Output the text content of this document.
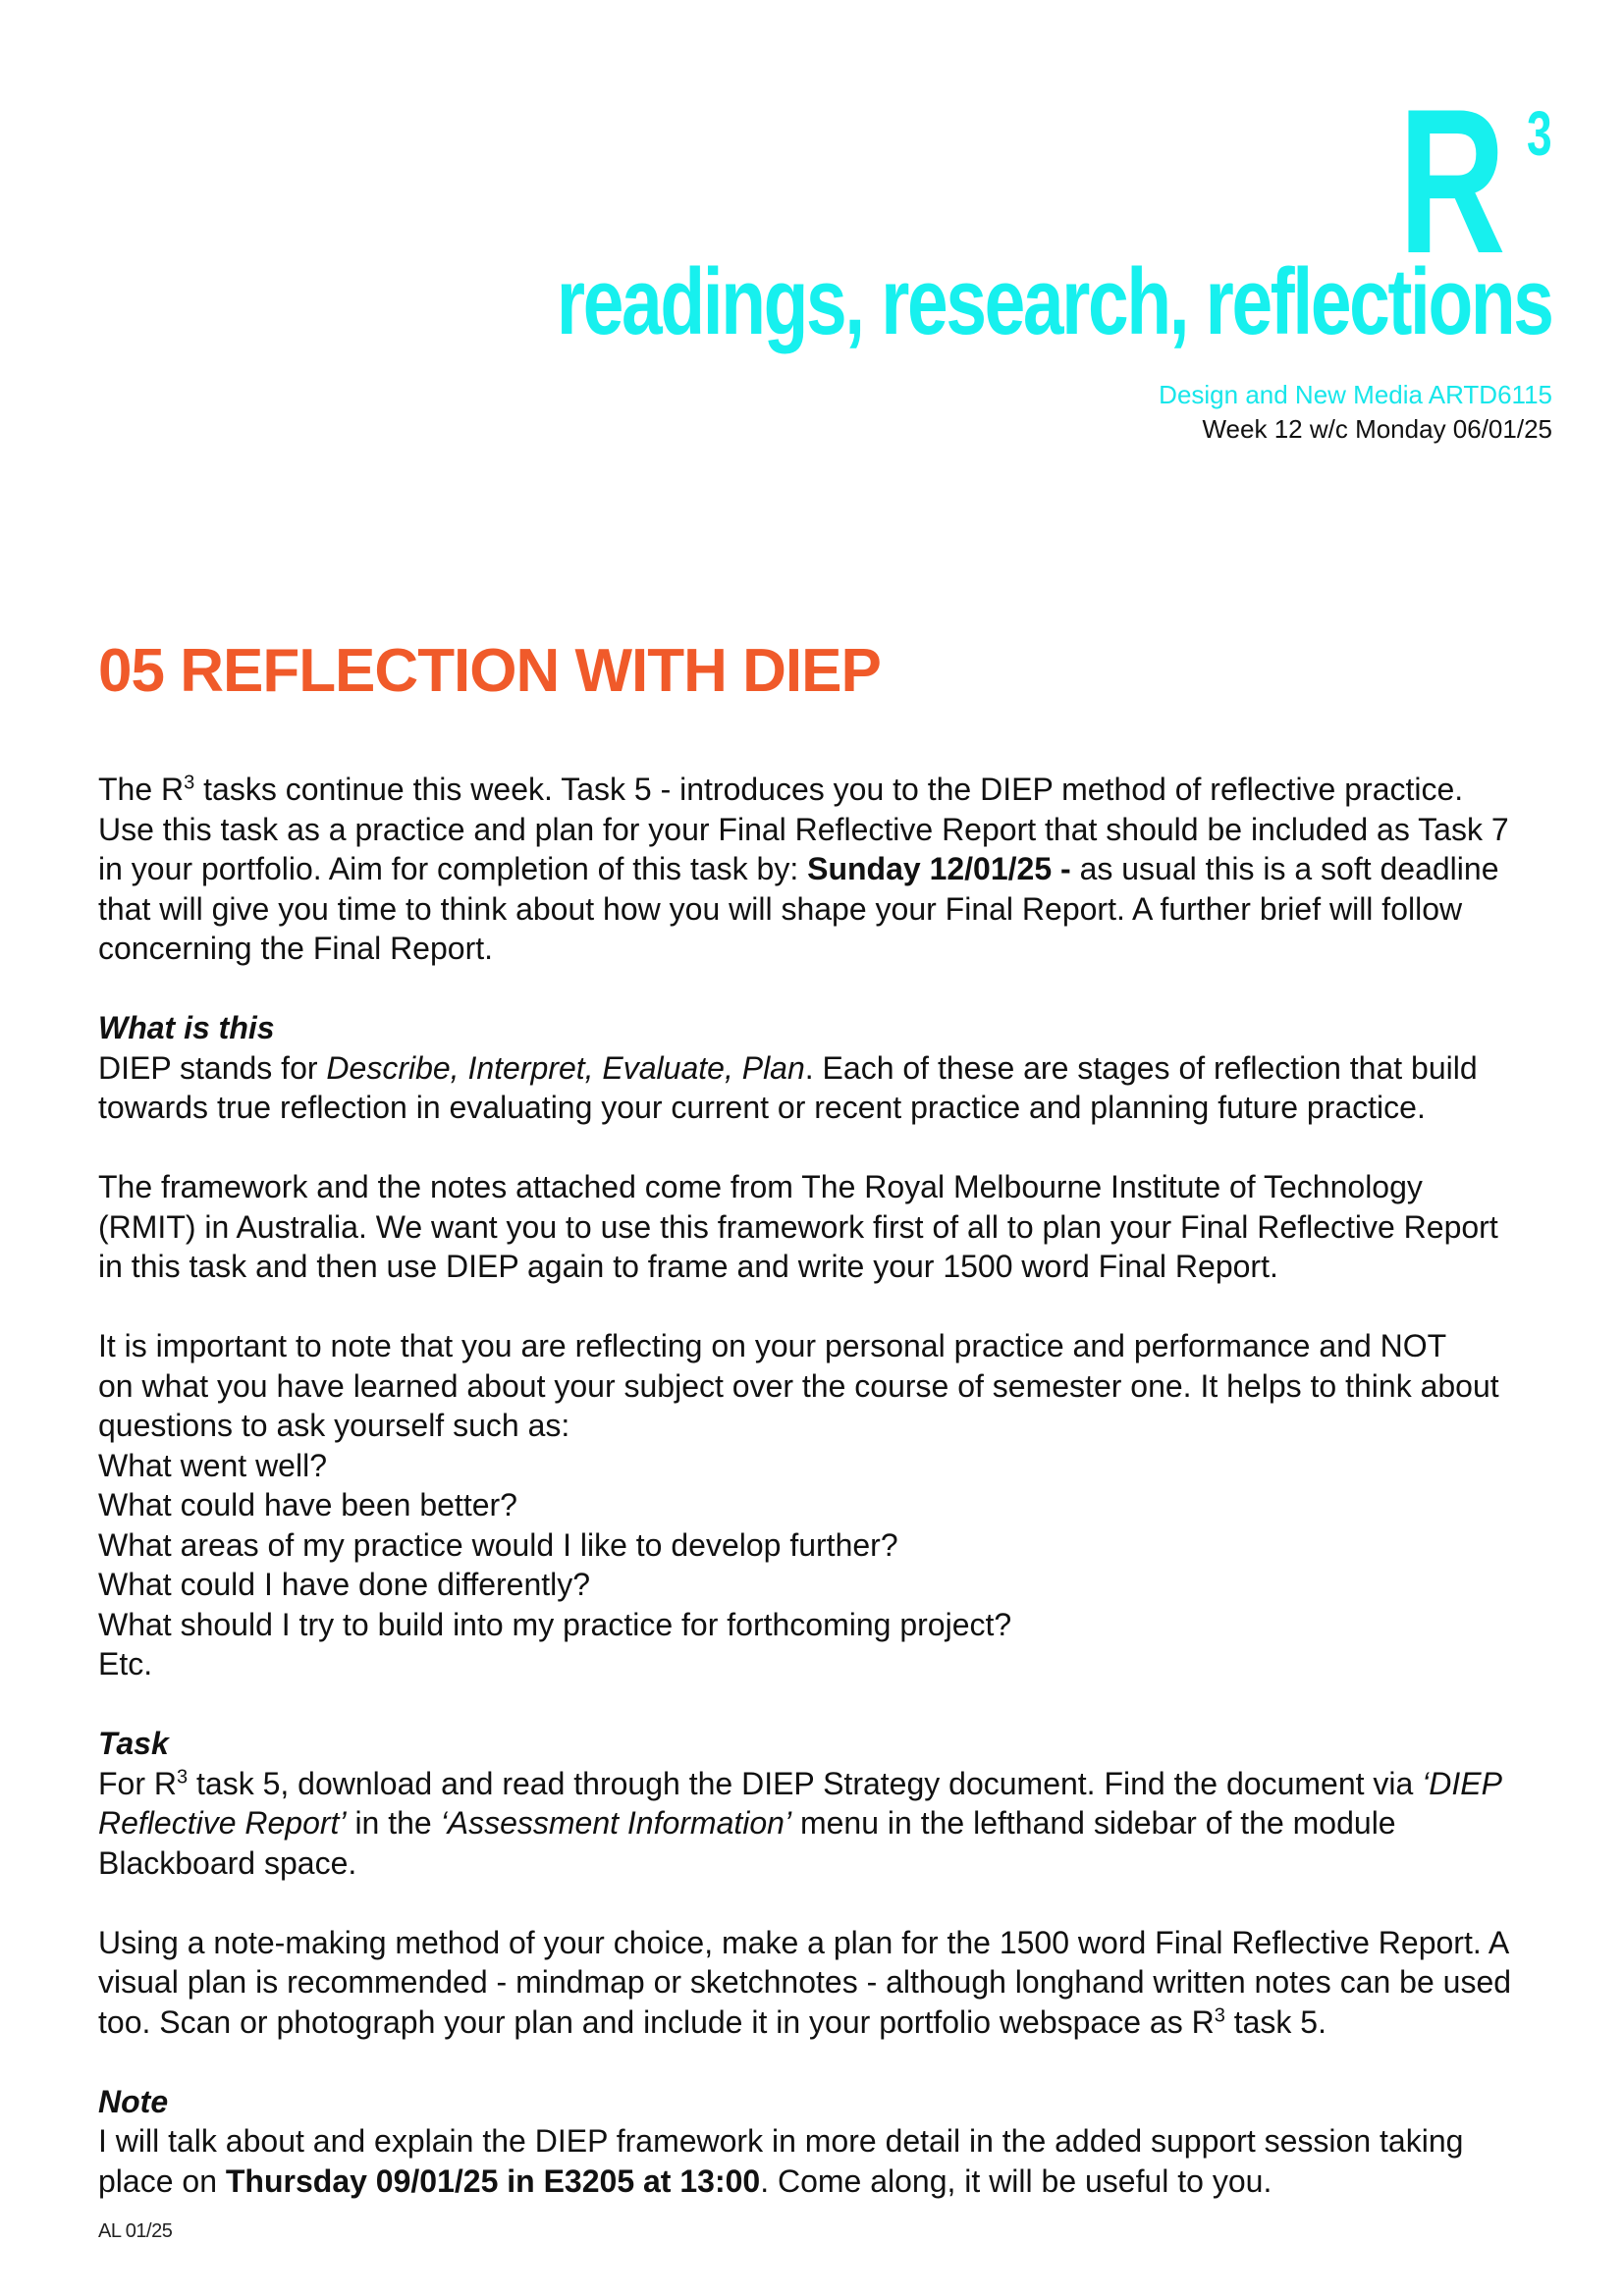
R 3
readings, research, reflections
Design and New Media ARTD6115
Week 12 w/c Monday 06/01/25
05 REFLECTION WITH DIEP

The $R^3$ tasks continue this week. Task 5 - introduces you to the DIEP method of reflective practice.

Use this task as a practice and plan for your Final Reflective Report that should be included as Task 7

in your portfolio. Aim for completion of this task by: Sunday 12/01/25 - as usual this is a soft deadline

that will give you time to think about how you will shape your Final Report. A further brief will follow

concerning the Final Report.

What is this

DIEP stands for Describe, Interpret, Evaluate, Plan. Each of these are stages of reflection that build

towards true reflection in evaluating your current or recent practice and planning future practice.

The framework and the notes attached come from The Royal Melbourne Institute of Technology

(RMIT) in Australia. We want you to use this framework first of all to plan your Final Reflective Report

in this task and then use DIEP again to frame and write your 1500 word Final Report.

It is important to note that you are reflecting on your personal practice and performance and NOT

on what you have learned about your subject over the course of semester one. It helps to think about

questions to ask yourself such as:

What went well?

What could have been better?

What areas of my practice would I like to develop further?

What could I have done differently?

What should I try to build into my practice for forthcoming project?

Etc.

Task

For $R^3$ task 5, download and read through the DIEP Strategy document. Find the document via ‘DIEP

Reflective Report’ in the ‘Assessment Information’ menu in the lefthand sidebar of the module

Blackboard space.

Using a note-making method of your choice, make a plan for the 1500 word Final Reflective Report. A

visual plan is recommended - mindmap or sketchnotes - although longhand written notes can be used

too. Scan or photograph your plan and include it in your portfolio webspace as $R^3$ task 5.

Note

I will talk about and explain the DIEP framework in more detail in the added support session taking

place on Thursday 09/01/25 in E3205 at 13:00. Come along, it will be useful to you.

AL 01/25
